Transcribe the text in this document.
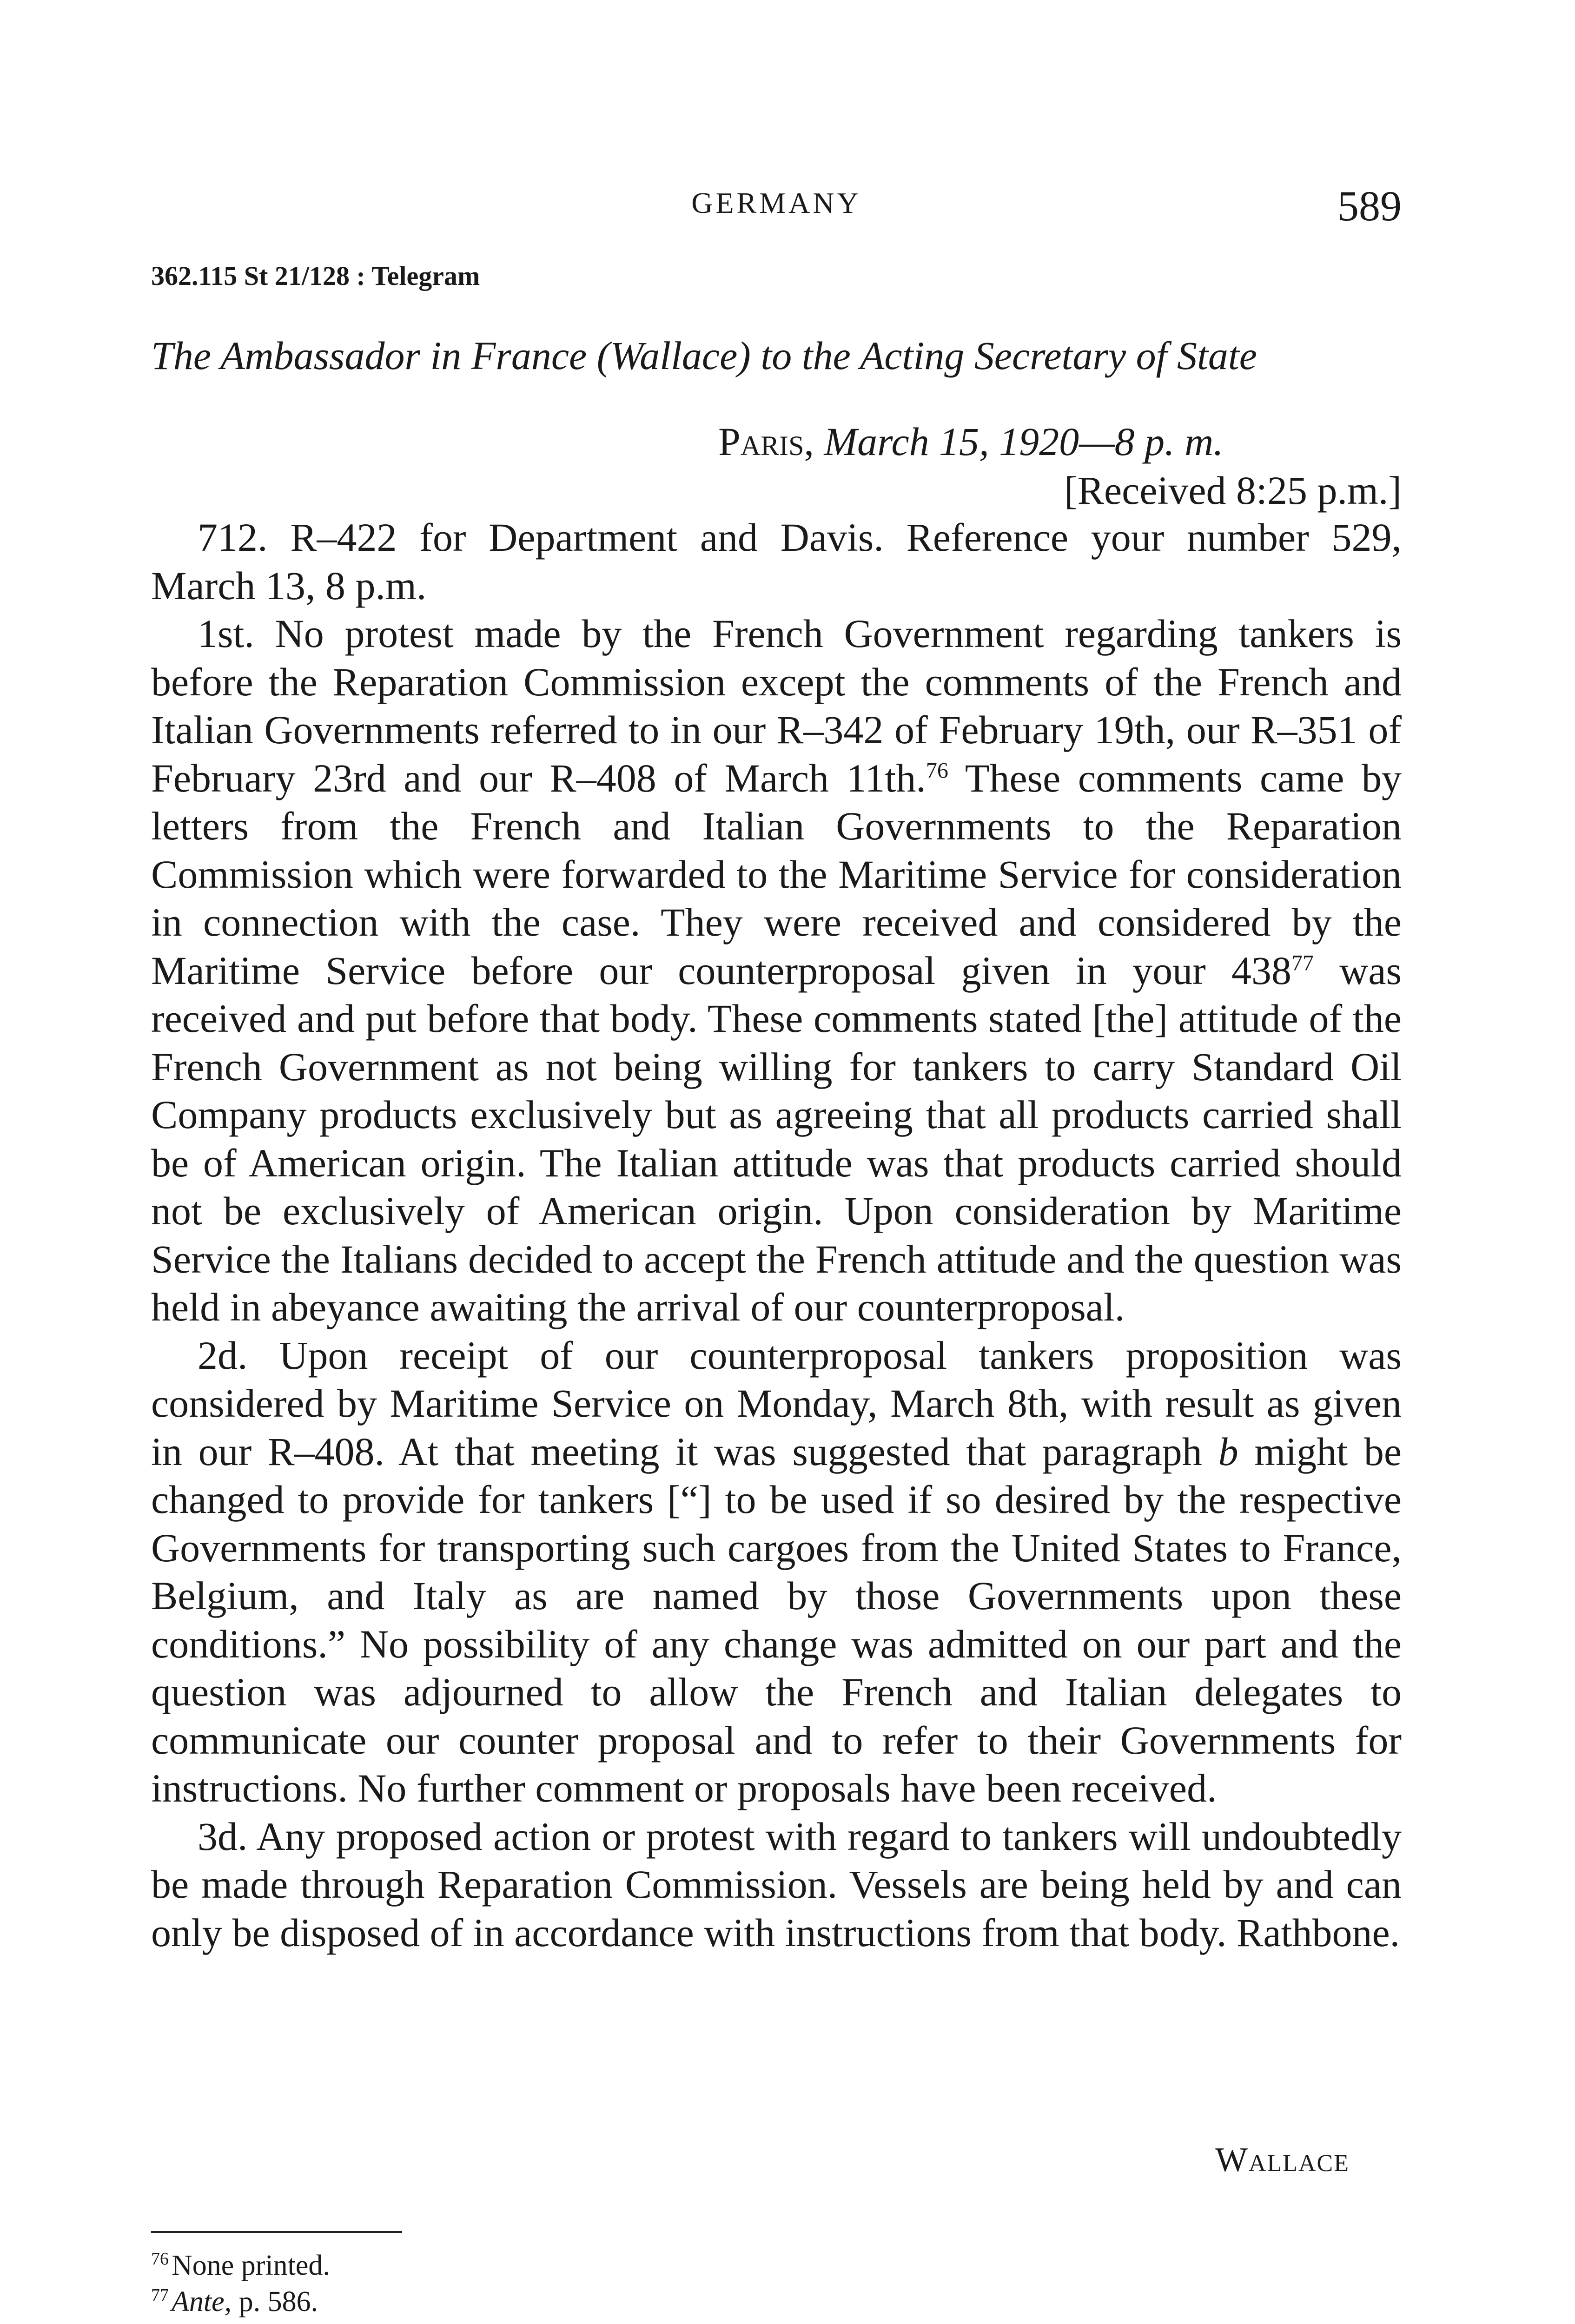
GERMANY	589
362.115 St 21/128 : Telegram
The Ambassador in France (Wallace) to the Acting Secretary of State
Paris, March 15, 1920—8 p. m.
[Received 8:25 p.m.]

712. R–422 for Department and Davis. Reference your number 529, March 13, 8 p.m.

1st. No protest made by the French Government regarding tankers is before the Reparation Commission except the comments of the French and Italian Governments referred to in our R–342 of February 19th, our R–351 of February 23rd and our R–408 of March 11th.$^{76}$ These comments came by letters from the French and Italian Governments to the Reparation Commission which were forwarded to the Maritime Service for consideration in connection with the case. They were received and considered by the Maritime Service before our counterproposal given in your $438^{77}$ was received and put before that body. These comments stated [the] attitude of the French Government as not being willing for tankers to carry Standard Oil Company products exclusively but as agreeing that all products carried shall be of American origin. The Italian attitude was that products carried should not be exclusively of American origin. Upon consideration by Maritime Service the Italians decided to accept the French attitude and the question was held in abeyance awaiting the arrival of our counterproposal.

2d. Upon receipt of our counterproposal tankers proposition was considered by Maritime Service on Monday, March 8th, with result as given in our R–408. At that meeting it was suggested that paragraph b might be changed to provide for tankers [“] to be used if so desired by the respective Governments for transporting such cargoes from the United States to France, Belgium, and Italy as are named by those Governments upon these conditions.” No possibility of any change was admitted on our part and the question was adjourned to allow the French and Italian delegates to communicate our counter proposal and to refer to their Governments for instructions. No further comment or proposals have been received.

3d. Any proposed action or protest with regard to tankers will undoubtedly be made through Reparation Commission. Vessels are being held by and can only be disposed of in accordance with instructions from that body. Rathbone.

Wallace
$^{76}$None printed.
$^{77}$Ante, p. 586.
